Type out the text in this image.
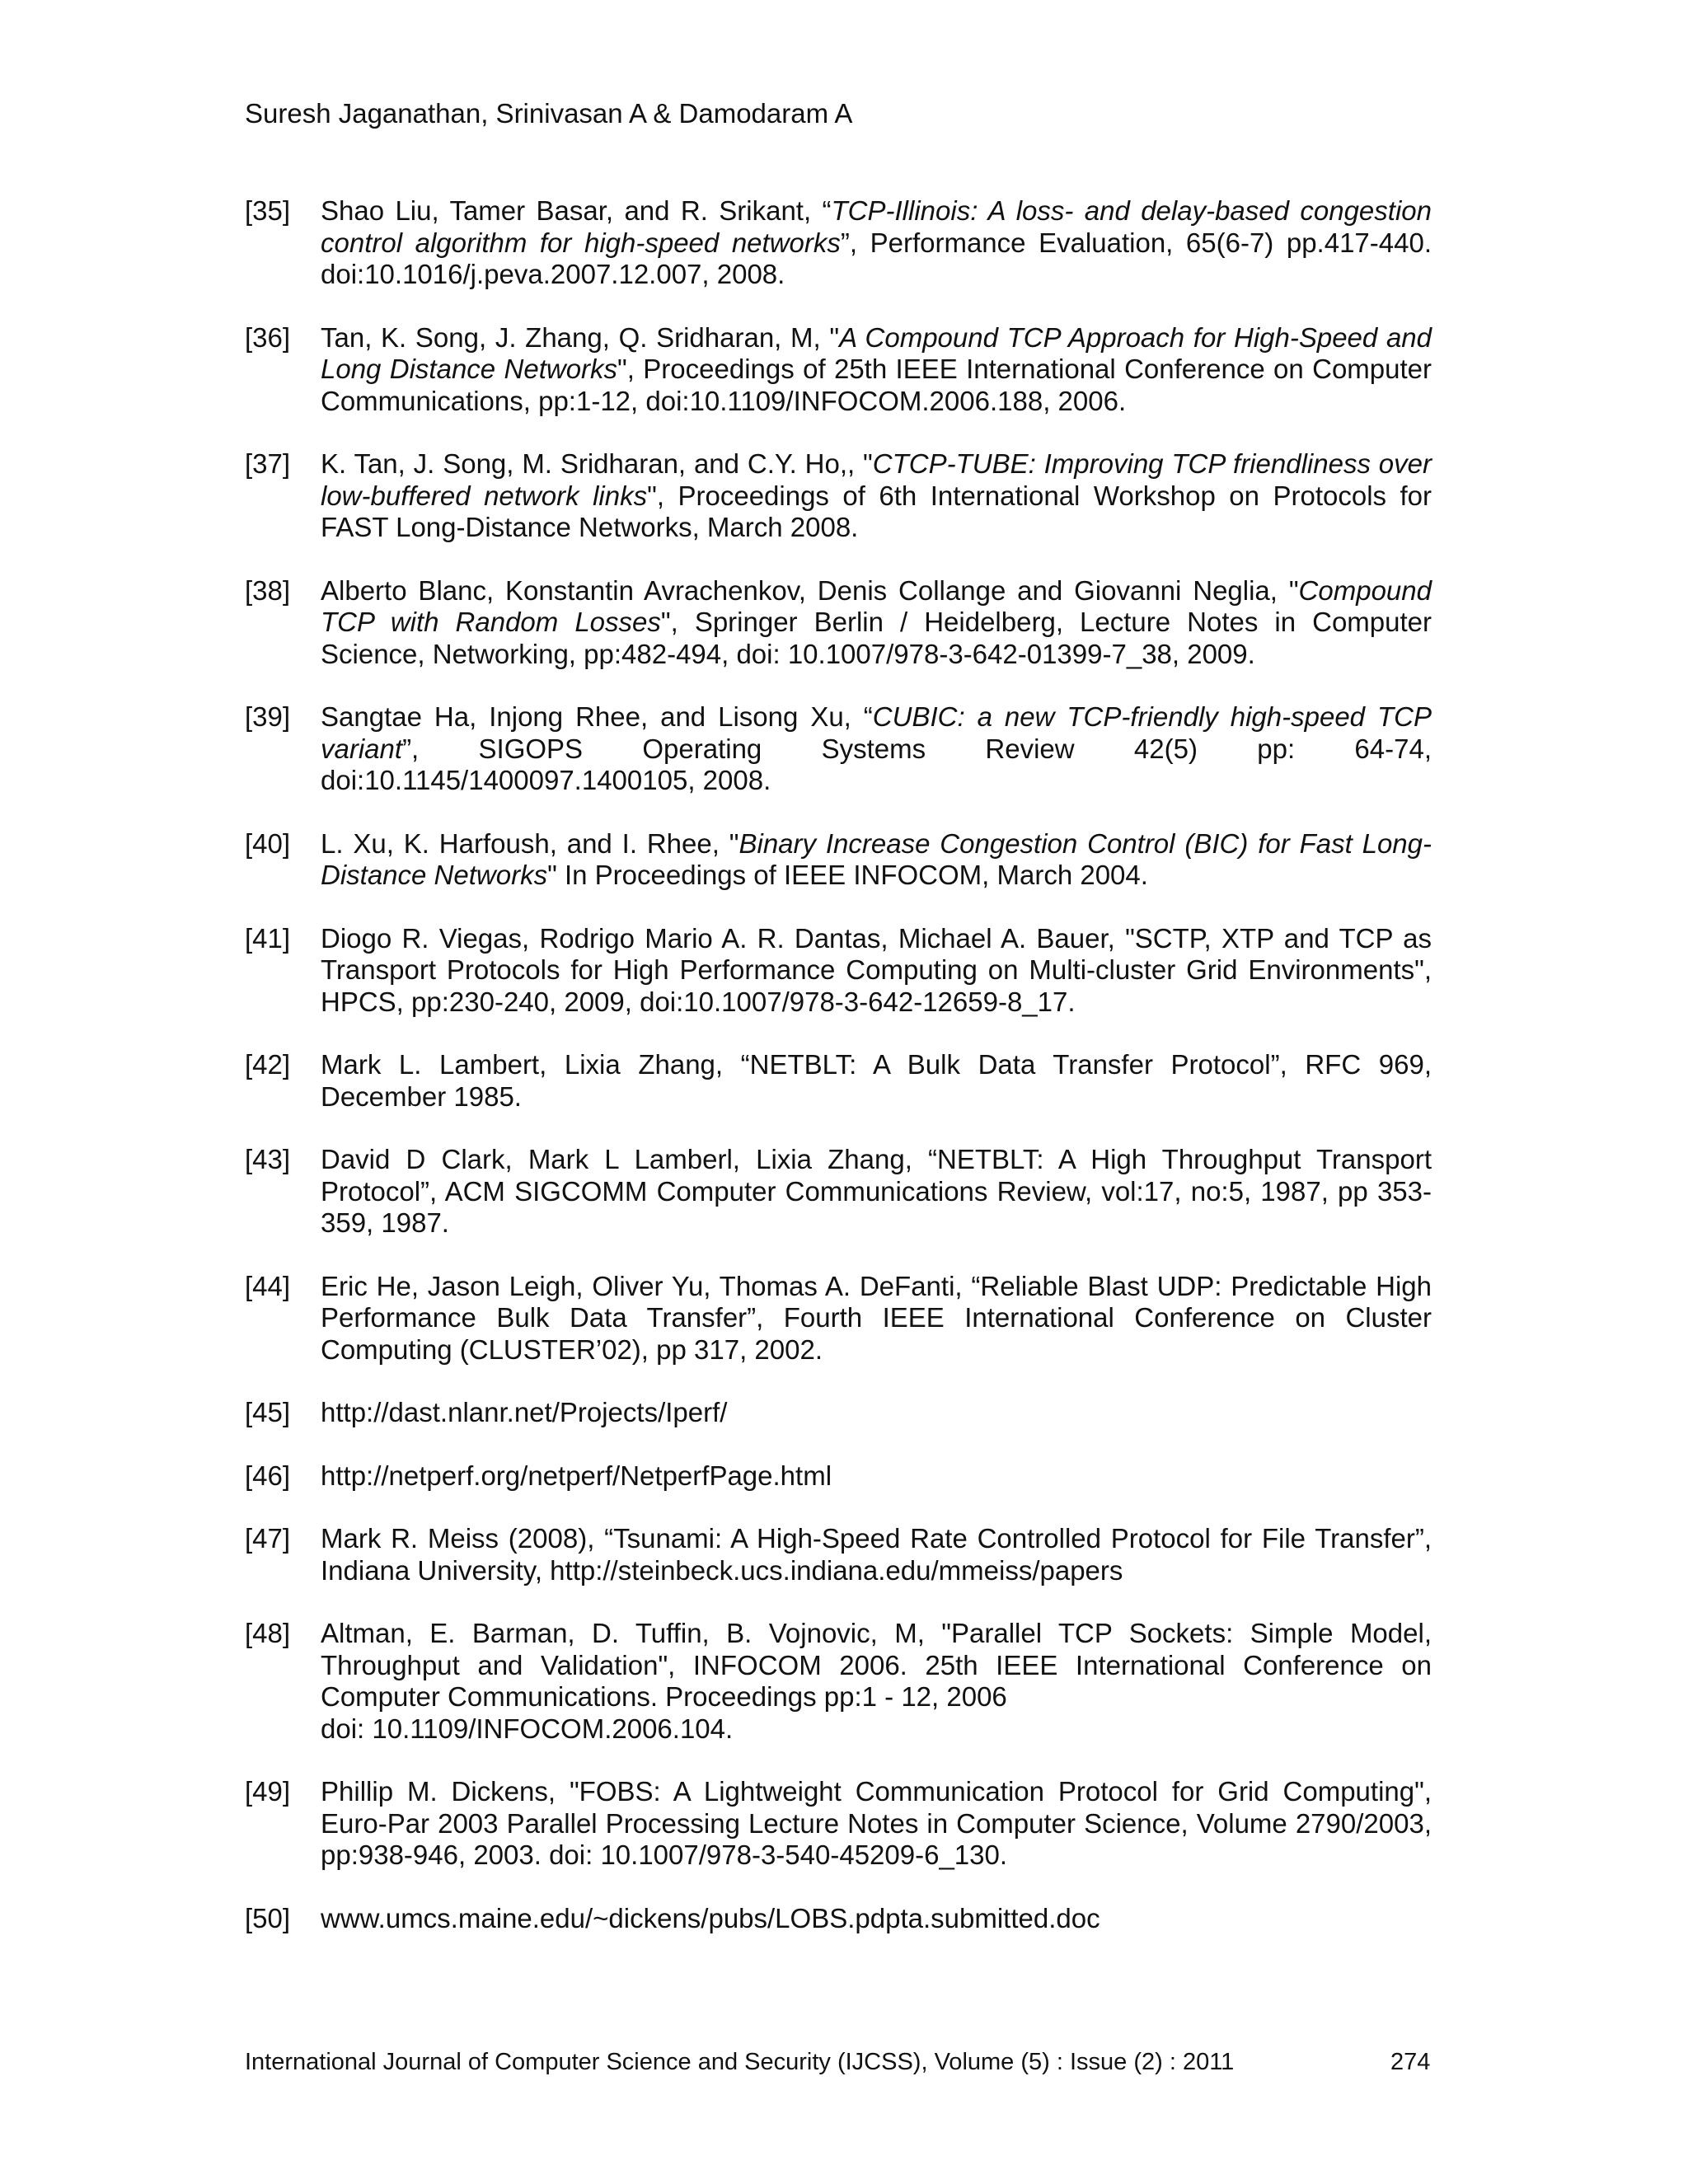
Suresh Jaganathan, Srinivasan A & Damodaram A
[35] Shao Liu, Tamer Basar, and R. Srikant, “TCP-Illinois: A loss- and delay-based congestion control algorithm for high-speed networks”, Performance Evaluation, 65(6-7) pp.417-440. doi:10.1016/j.peva.2007.12.007, 2008.
[36] Tan, K. Song, J. Zhang, Q. Sridharan, M, "A Compound TCP Approach for High-Speed and Long Distance Networks", Proceedings of 25th IEEE International Conference on Computer Communications, pp:1-12, doi:10.1109/INFOCOM.2006.188, 2006.
[37] K. Tan, J. Song, M. Sridharan, and C.Y. Ho,, "CTCP-TUBE: Improving TCP friendliness over low-buffered network links", Proceedings of 6th International Workshop on Protocols for FAST Long-Distance Networks, March 2008.
[38] Alberto Blanc, Konstantin Avrachenkov, Denis Collange and Giovanni Neglia, "Compound TCP with Random Losses", Springer Berlin / Heidelberg, Lecture Notes in Computer Science, Networking, pp:482-494, doi: 10.1007/978-3-642-01399-7_38, 2009.
[39] Sangtae Ha, Injong Rhee, and Lisong Xu, “CUBIC: a new TCP-friendly high-speed TCP variant”, SIGOPS Operating Systems Review 42(5) pp: 64-74, doi:10.1145/1400097.1400105, 2008.
[40] L. Xu, K. Harfoush, and I. Rhee, "Binary Increase Congestion Control (BIC) for Fast Long-Distance Networks" In Proceedings of IEEE INFOCOM, March 2004.
[41] Diogo R. Viegas, Rodrigo Mario A. R. Dantas, Michael A. Bauer, "SCTP, XTP and TCP as Transport Protocols for High Performance Computing on Multi-cluster Grid Environments", HPCS, pp:230-240, 2009, doi:10.1007/978-3-642-12659-8_17.
[42] Mark L. Lambert, Lixia Zhang, “NETBLT: A Bulk Data Transfer Protocol”, RFC 969, December 1985.
[43] David D Clark, Mark L Lamberl, Lixia Zhang, “NETBLT: A High Throughput Transport Protocol”, ACM SIGCOMM Computer Communications Review, vol:17, no:5, 1987, pp 353-359, 1987.
[44] Eric He, Jason Leigh, Oliver Yu, Thomas A. DeFanti, “Reliable Blast UDP: Predictable High Performance Bulk Data Transfer”, Fourth IEEE International Conference on Cluster Computing (CLUSTER’02), pp 317, 2002.
[45] http://dast.nlanr.net/Projects/Iperf/
[46] http://netperf.org/netperf/NetperfPage.html
[47] Mark R. Meiss (2008), “Tsunami: A High-Speed Rate Controlled Protocol for File Transfer”, Indiana University, http://steinbeck.ucs.indiana.edu/mmeiss/papers
[48] Altman, E. Barman, D. Tuffin, B. Vojnovic, M, "Parallel TCP Sockets: Simple Model, Throughput and Validation", INFOCOM 2006. 25th IEEE International Conference on Computer Communications. Proceedings pp:1 - 12, 2006
doi: 10.1109/INFOCOM.2006.104.
[49] Phillip M. Dickens, "FOBS: A Lightweight Communication Protocol for Grid Computing", Euro-Par 2003 Parallel Processing Lecture Notes in Computer Science, Volume 2790/2003, pp:938-946, 2003. doi: 10.1007/978-3-540-45209-6_130.
[50] www.umcs.maine.edu/~dickens/pubs/LOBS.pdpta.submitted.doc
International Journal of Computer Science and Security (IJCSS), Volume (5) : Issue (2) : 2011	274
